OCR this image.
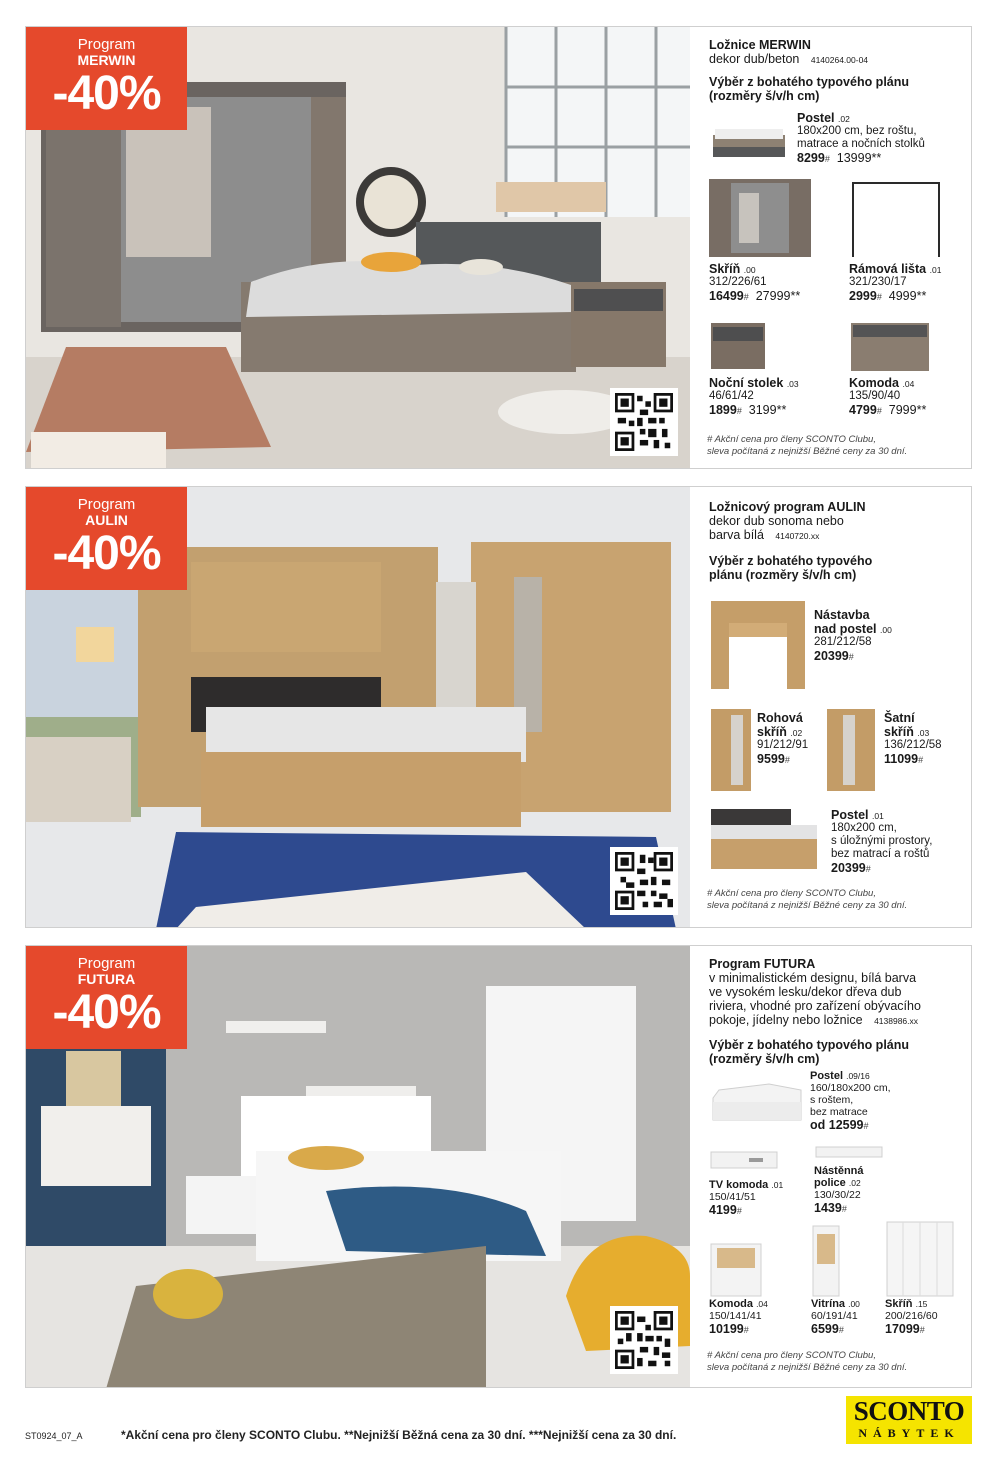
Program
MERWIN
-40%
Ložnice MERWIN
dekor dub/beton 4140264.00-04
Výběr z bohatého typového plánu (rozměry š/v/h cm)
Postel .02
180x200 cm, bez roštu, matrace a nočních stolků
8299# 13999**
Skříň .00
312/226/61
16499# 27999**
Rámová lišta .01
321/230/17
2999# 4999**
Noční stolek .03
46/61/42
1899# 3199**
Komoda .04
135/90/40
4799# 7999**
# Akční cena pro členy SCONTO Clubu,
sleva počítaná z nejnižší Běžné ceny za 30 dní.
Program
AULIN
-40%
Ložnicový program AULIN
dekor dub sonoma nebo
barva bílá 4140720.xx
Výběr z bohatého typového
plánu (rozměry š/v/h cm)
Nástavba
nad postel .00
281/212/58
20399#
Rohová
skříň .02
91/212/91
9599#
Šatní
skříň .03
136/212/58
11099#
Postel .01
180x200 cm,
s úložnými prostory,
bez matrací a roštů
20399#
# Akční cena pro členy SCONTO Clubu,
sleva počítaná z nejnižší Běžné ceny za 30 dní.
Program
FUTURA
-40%
Program FUTURA
v minimalistickém designu, bílá barva
ve vysokém lesku/dekor dřeva dub
riviera, vhodné pro zařízení obývacího
pokoje, jídelny nebo ložnice 4138986.xx
Výběr z bohatého typového plánu
(rozměry š/v/h cm)
Postel .09/16
160/180x200 cm,
s roštem,
bez matrace
od 12599#
TV komoda .01
150/41/51
4199#
Nástěnná
police .02
130/30/22
1439#
Komoda .04
150/141/41
10199#
Vitrína .00
60/191/41
6599#
Skříň .15
200/216/60
17099#
# Akční cena pro členy SCONTO Clubu,
sleva počítaná z nejnižší Běžné ceny za 30 dní.
ST0924_07_A	*Akční cena pro členy SCONTO Clubu. **Nejnižší Běžná cena za 30 dní. ***Nejnižší cena za 30 dní.
SCONTO
NÁBYTEK
